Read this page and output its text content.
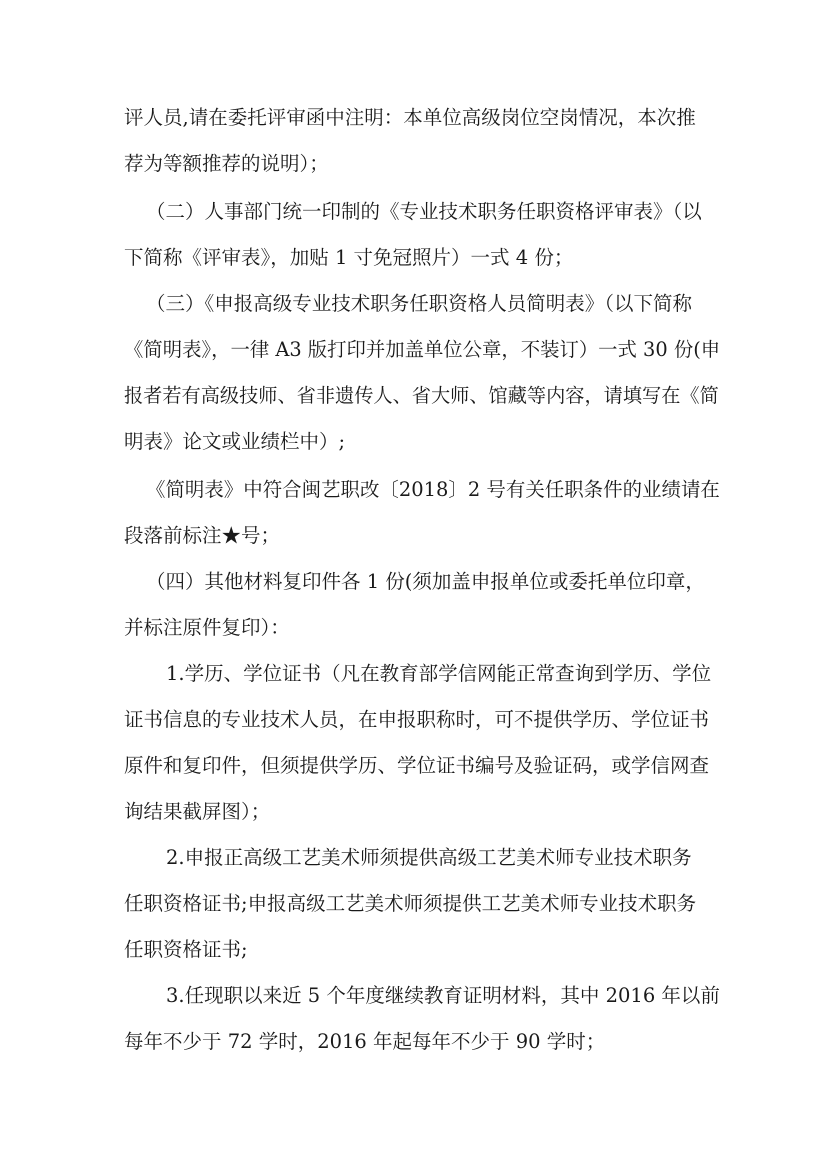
评人员,请在委托评审函中注明：本单位高级岗位空岗情况，本次推
荐为等额推荐的说明）；
（二）人事部门统一印制的《专业技术职务任职资格评审表》（以
下简称《评审表》，加贴 1 寸免冠照片）一式 4 份；
（三）《申报高级专业技术职务任职资格人员简明表》（以下简称
《简明表》，一律 A3 版打印并加盖单位公章，不装订）一式 30 份(申
报者若有高级技师、省非遗传人、省大师、馆藏等内容，请填写在《简
明表》论文或业绩栏中）;
《简明表》中符合闽艺职改〔2018〕2 号有关任职条件的业绩请在
段落前标注★号；
（四）其他材料复印件各 1 份(须加盖申报单位或委托单位印章，
并标注原件复印）：
1.学历、学位证书（凡在教育部学信网能正常查询到学历、学位
证书信息的专业技术人员，在申报职称时，可不提供学历、学位证书
原件和复印件，但须提供学历、学位证书编号及验证码，或学信网查
询结果截屏图）；
2.申报正高级工艺美术师须提供高级工艺美术师专业技术职务
任职资格证书;申报高级工艺美术师须提供工艺美术师专业技术职务
任职资格证书;
3.任现职以来近 5 个年度继续教育证明材料，其中 2016 年以前
每年不少于 72 学时，2016 年起每年不少于 90 学时；
